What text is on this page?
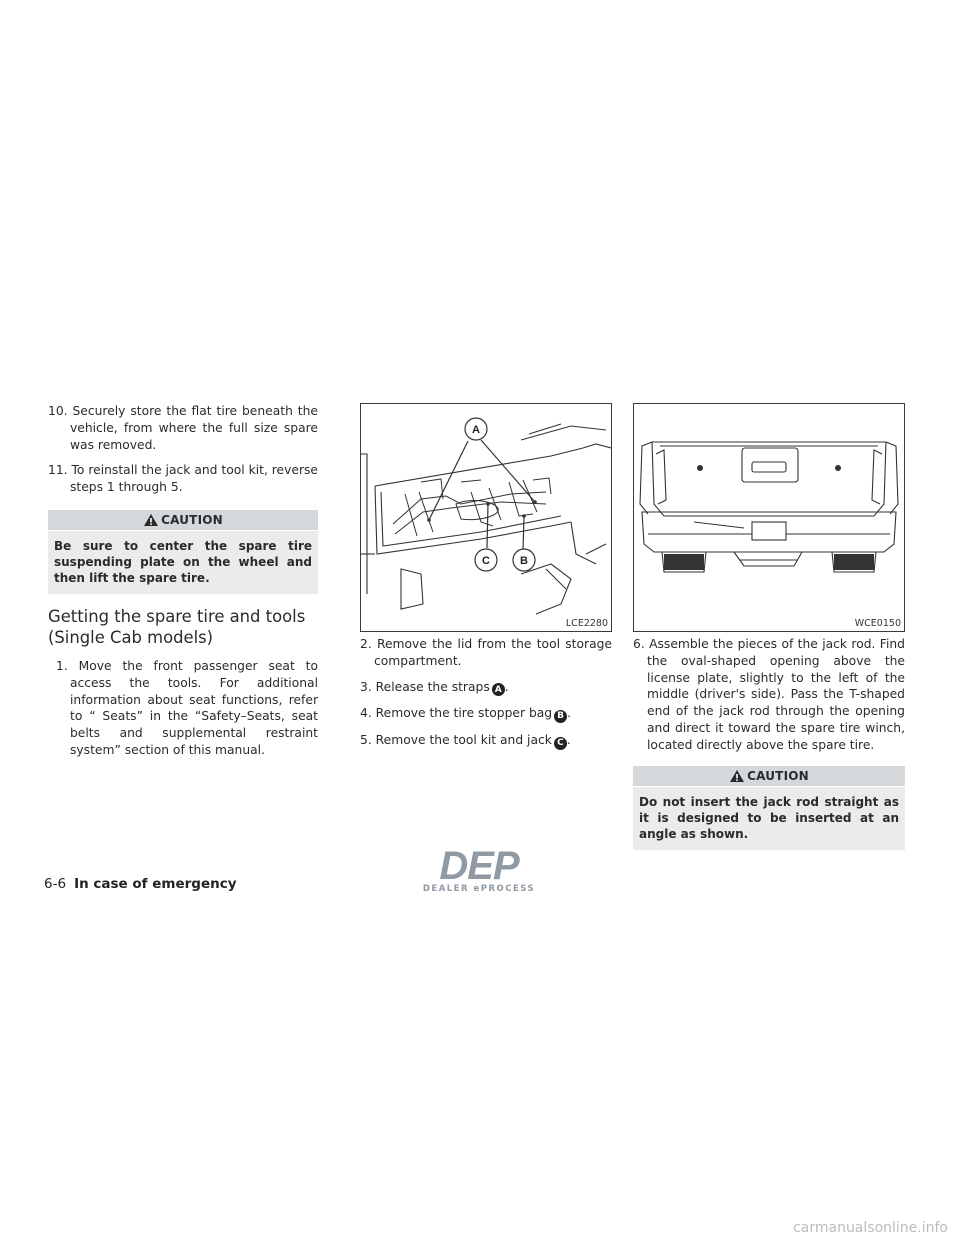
10. Securely store the flat tire beneath the vehicle, from where the full size spare was removed.

11. To reinstall the jack and tool kit, reverse steps 1 through 5.

CAUTION
Be sure to center the spare tire suspending plate on the wheel and then lift the spare tire.
Getting the spare tire and tools (Single Cab models)

1. Move the front passenger seat to access the tools. For additional information about seat functions, refer to “ Seats” in the “Safety–Seats, seat belts and supplemental restraint system” section of this manual.

A
C	B
LCE2280

2. Remove the lid from the tool storage compartment.

3. Release the straps A .

4. Remove the tire stopper bag B .

5. Remove the tool kit and jack C .

WCE0150

6. Assemble the pieces of the jack rod. Find the oval-shaped opening above the license plate, slightly to the left of the middle (driver's side). Pass the T-shaped end of the jack rod through the opening and direct it toward the spare tire winch, located directly above the spare tire.

CAUTION
Do not insert the jack rod straight as it is designed to be inserted at an angle as shown.
6-6 In case of emergency	DEP
DEALER ePROCESS
carmanualsonline.info
